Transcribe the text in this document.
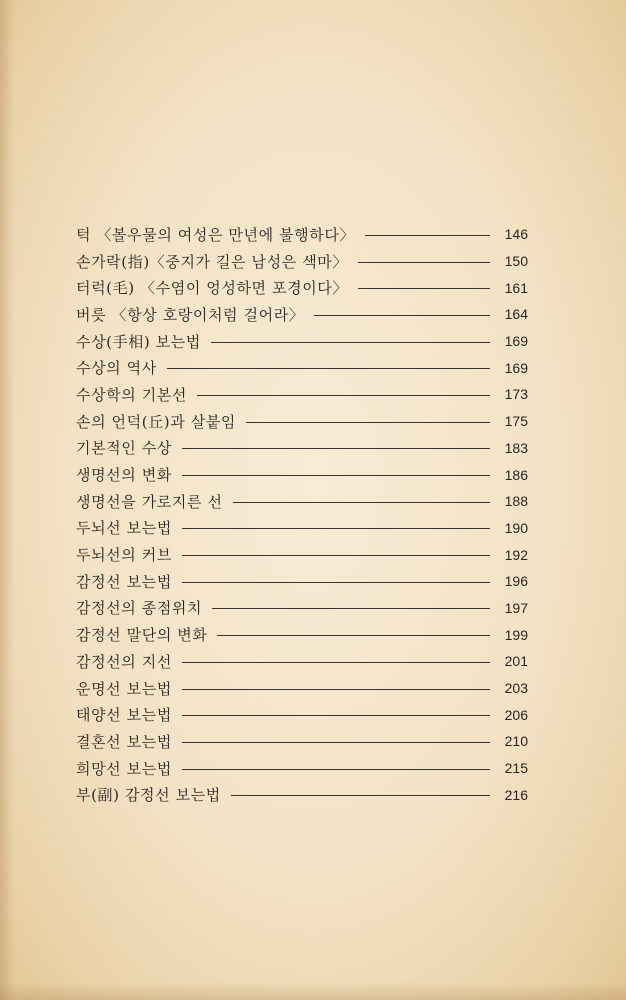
턱 〈볼우물의 여성은 만년에 불행하다〉	146
손가락(指)〈중지가 길은 남성은 색마〉	150
터럭(毛) 〈수염이 엉성하면 포경이다〉	161
버릇 〈항상 호랑이처럼 걸어라〉	164
수상(手相) 보는법	169
수상의 역사	169
수상학의 기본선	173
손의 언덕(丘)과 살붙임	175
기본적인 수상	183
생명선의 변화	186
생명선을 가로지른 선	188
두뇌선 보는법	190
두뇌선의 커브	192
감정선 보는법	196
감정선의 종점위치	197
감정선 말단의 변화	199
감정선의 지선	201
운명선 보는법	203
태양선 보는법	206
결혼선 보는법	210
희망선 보는법	215
부(副) 감정선 보는법	216
